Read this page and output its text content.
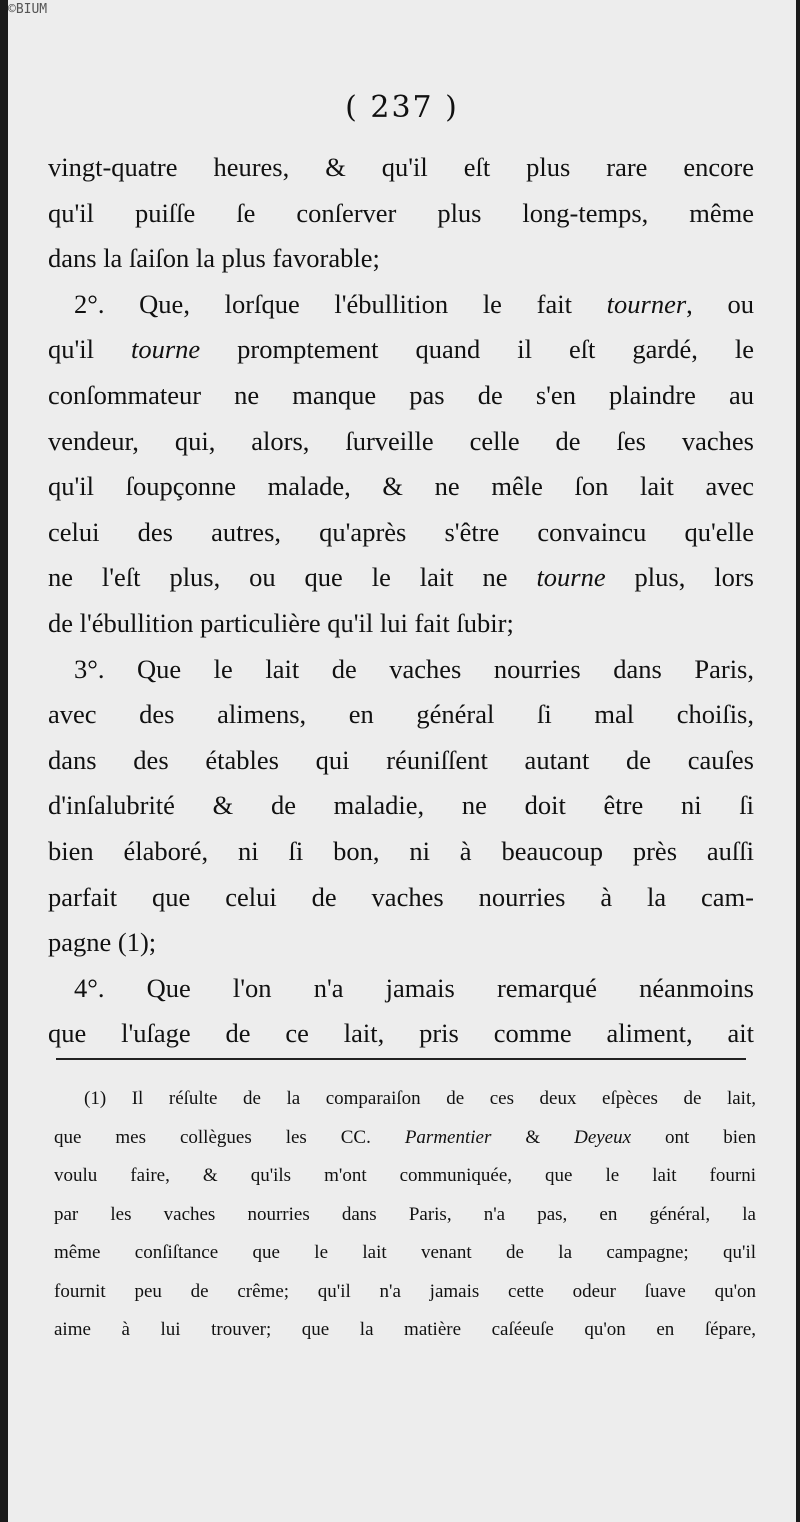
©BIUM
( 237 )
vingt-quatre heures, & qu'il eſt plus rare encore
qu'il puiſſe ſe conſerver plus long-temps, même
dans la ſaiſon la plus favorable;
2°. Que, lorſque l'ébullition le fait tourner, ou
qu'il tourne promptement quand il eſt gardé, le
conſommateur ne manque pas de s'en plaindre au
vendeur, qui, alors, ſurveille celle de ſes vaches
qu'il ſoupçonne malade, & ne mêle ſon lait avec
celui des autres, qu'après s'être convaincu qu'elle
ne l'eſt plus, ou que le lait ne tourne plus, lors
de l'ébullition particulière qu'il lui fait ſubir;
3°. Que le lait de vaches nourries dans Paris,
avec des alimens, en général ſi mal choiſis,
dans des étables qui réuniſſent autant de cauſes
d'inſalubrité & de maladie, ne doit être ni ſi
bien élaboré, ni ſi bon, ni à beaucoup près auſſi
parfait que celui de vaches nourries à la cam-
pagne (1);
4°. Que l'on n'a jamais remarqué néanmoins
que l'uſage de ce lait, pris comme aliment, ait
(1) Il réſulte de la comparaiſon de ces deux eſpèces de lait,
que mes collègues les CC. Parmentier & Deyeux ont bien
voulu faire, & qu'ils m'ont communiquée, que le lait fourni
par les vaches nourries dans Paris, n'a pas, en général, la
même conſiſtance que le lait venant de la campagne; qu'il
fournit peu de crême; qu'il n'a jamais cette odeur ſuave qu'on
aime à lui trouver; que la matière caſéeuſe qu'on en ſépare,
